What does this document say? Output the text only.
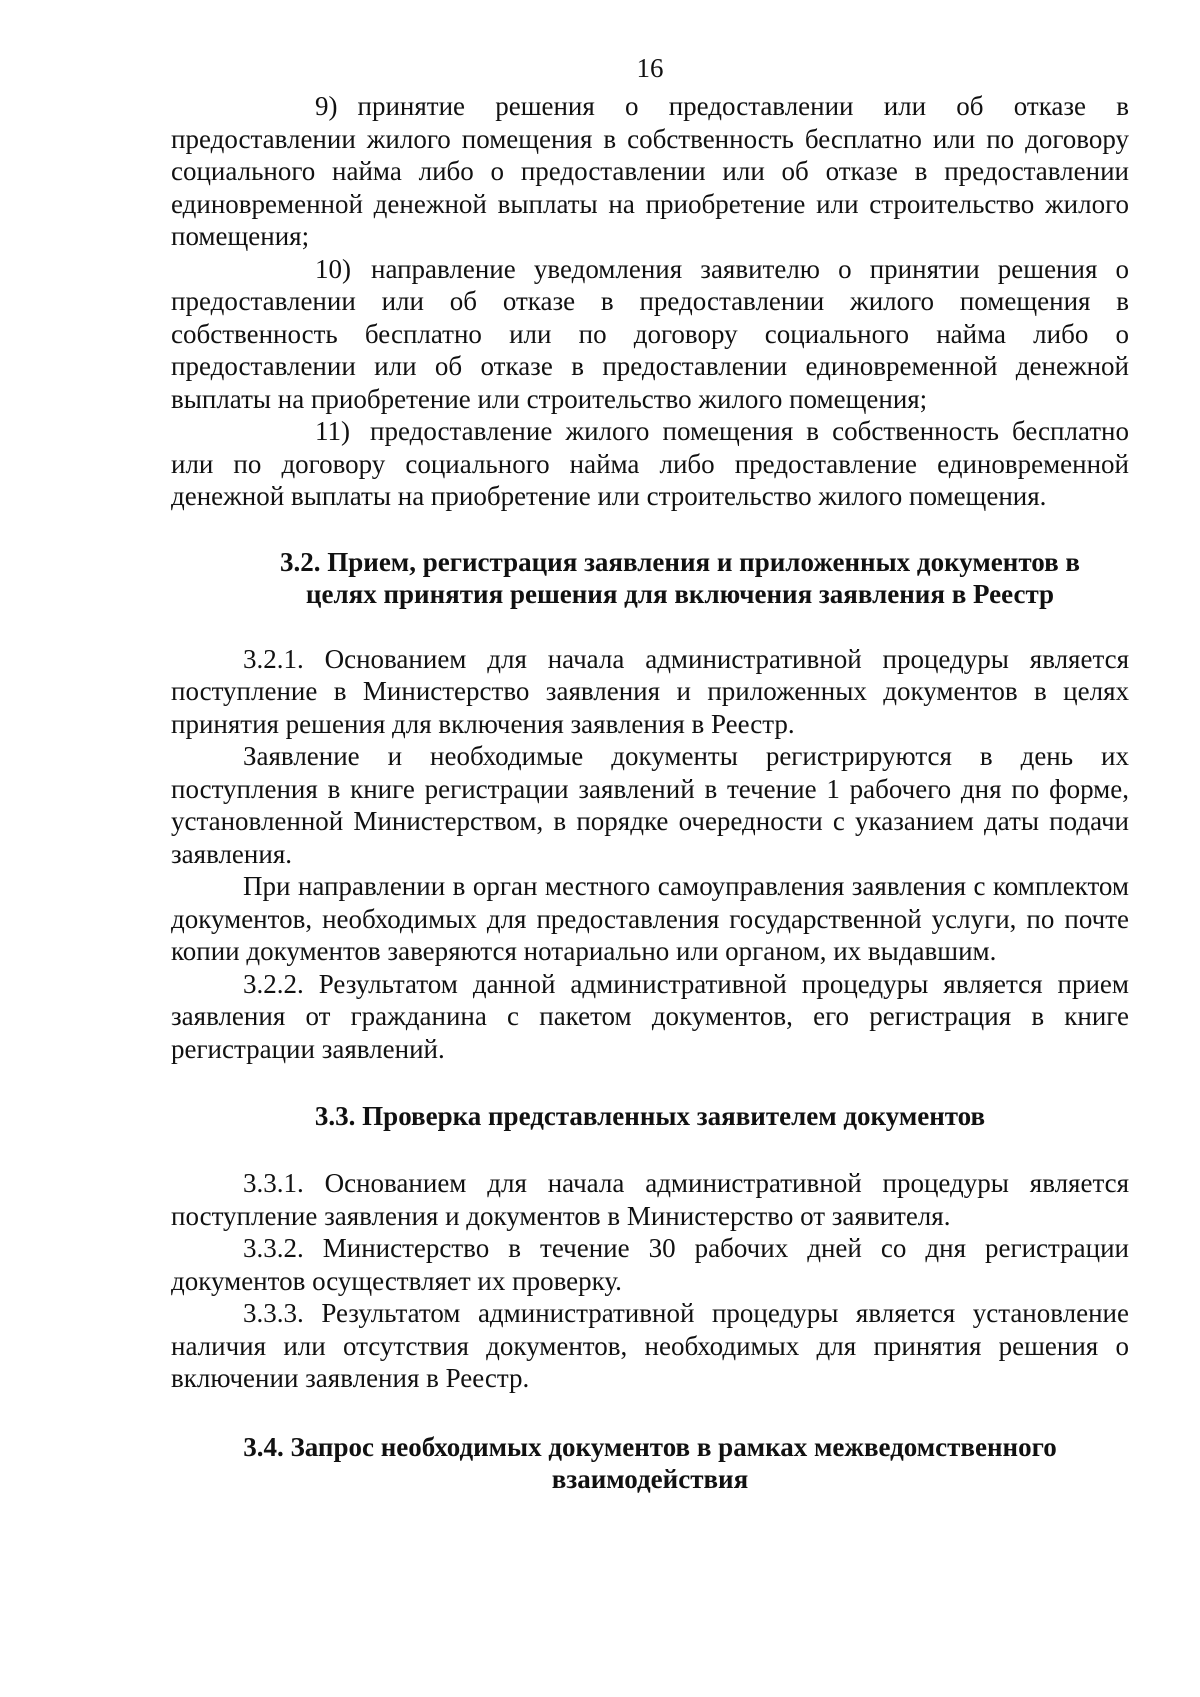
16

9) принятие решения о предоставлении или об отказе в предоставлении жилого помещения в собственность бесплатно или по договору социального найма либо о предоставлении или об отказе в предоставлении единовременной денежной выплаты на приобретение или строительство жилого помещения;

10) направление уведомления заявителю о принятии решения о предоставлении или об отказе в предоставлении жилого помещения в собственность бесплатно или по договору социального найма либо о предоставлении или об отказе в предоставлении единовременной денежной выплаты на приобретение или строительство жилого помещения;

11) предоставление жилого помещения в собственность бесплатно или по договору социального найма либо предоставление единовременной денежной выплаты на приобретение или строительство жилого помещения.

3.2. Прием, регистрация заявления и приложенных документов в целях принятия решения для включения заявления в Реестр

3.2.1. Основанием для начала административной процедуры является поступление в Министерство заявления и приложенных документов в целях принятия решения для включения заявления в Реестр.

Заявление и необходимые документы регистрируются в день их поступления в книге регистрации заявлений в течение 1 рабочего дня по форме, установленной Министерством, в порядке очередности с указанием даты подачи заявления.

При направлении в орган местного самоуправления заявления с комплектом документов, необходимых для предоставления государственной услуги, по почте копии документов заверяются нотариально или органом, их выдавшим.

3.2.2. Результатом данной административной процедуры является прием заявления от гражданина с пакетом документов, его регистрация в книге регистрации заявлений.

3.3. Проверка представленных заявителем документов

3.3.1. Основанием для начала административной процедуры является поступление заявления и документов в Министерство от заявителя.

3.3.2. Министерство в течение 30 рабочих дней со дня регистрации документов осуществляет их проверку.

3.3.3. Результатом административной процедуры является установление наличия или отсутствия документов, необходимых для принятия решения о включении заявления в Реестр.

3.4. Запрос необходимых документов в рамках межведомственного взаимодействия
